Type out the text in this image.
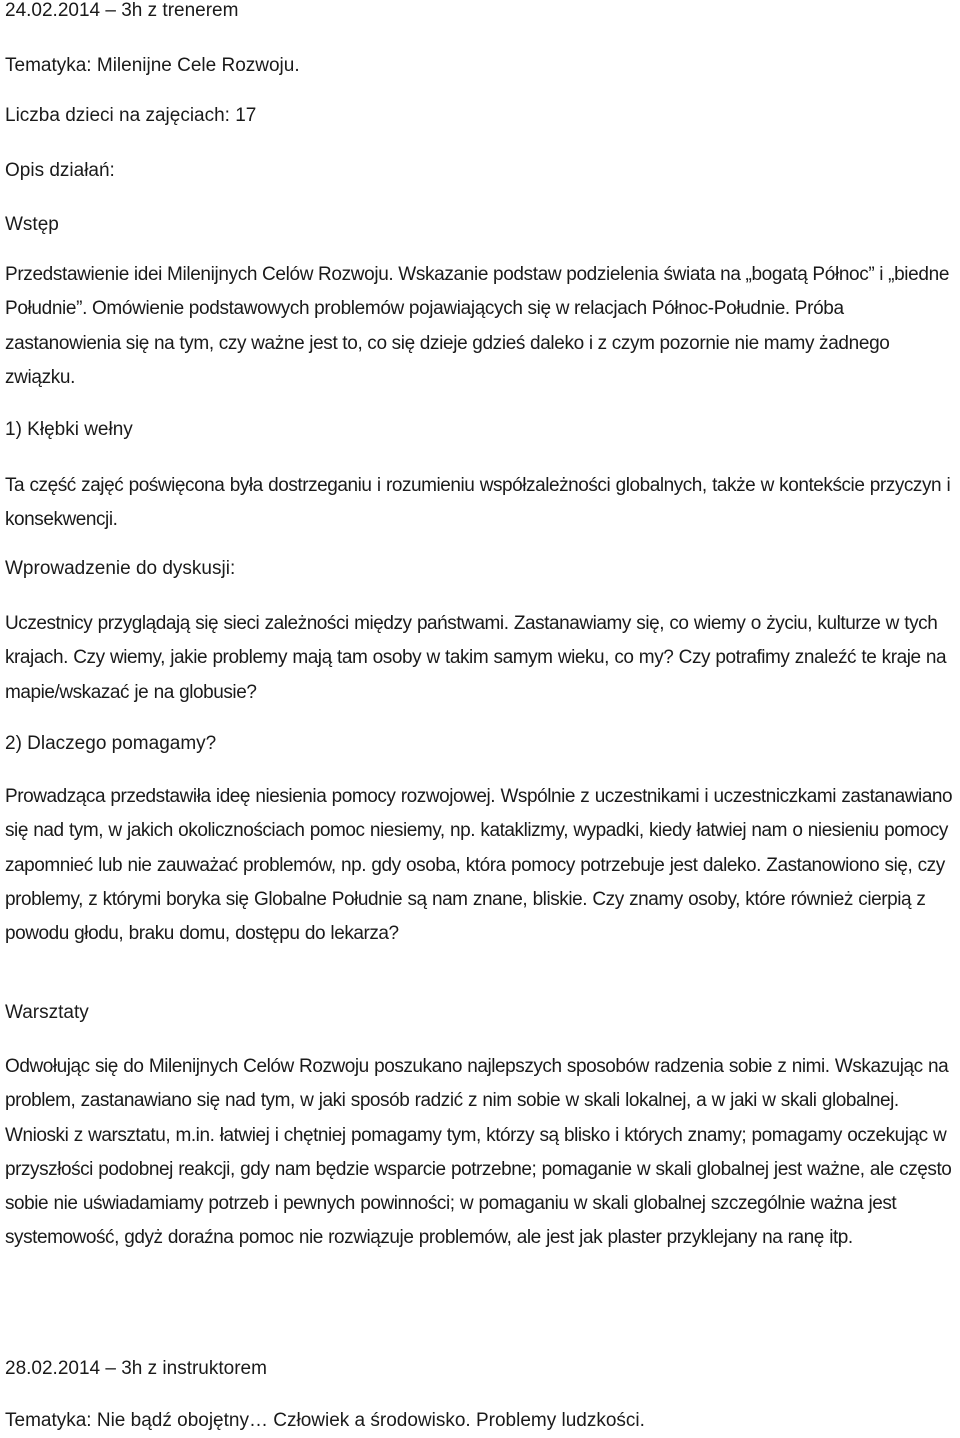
24.02.2014 – 3h z trenerem
Tematyka: Milenijne Cele Rozwoju.
Liczba dzieci na zajęciach: 17
Opis działań:
Wstęp
Przedstawienie idei Milenijnych Celów Rozwoju. Wskazanie podstaw podzielenia świata na „bogatą Północ” i „biedne Południe”. Omówienie podstawowych problemów pojawiających się w relacjach Północ-Południe. Próba zastanowienia się na tym, czy ważne jest to, co się dzieje gdzieś daleko i z czym pozornie nie mamy żadnego związku.
1) Kłębki wełny
Ta część zajęć poświęcona była dostrzeganiu i rozumieniu współzależności globalnych, także w kontekście przyczyn i konsekwencji.
Wprowadzenie do dyskusji:
Uczestnicy przyglądają się sieci zależności między państwami. Zastanawiamy się, co wiemy o życiu, kulturze w tych krajach. Czy wiemy, jakie problemy mają tam osoby w takim samym wieku, co my? Czy potrafimy znaleźć te kraje na mapie/wskazać je na globusie?
2) Dlaczego pomagamy?
Prowadząca przedstawiła ideę niesienia pomocy rozwojowej. Wspólnie z uczestnikami i uczestniczkami zastanawiano się nad tym, w jakich okolicznościach pomoc niesiemy, np. kataklizmy, wypadki, kiedy łatwiej nam o niesieniu pomocy zapomnieć lub nie zauważać problemów, np. gdy osoba, która pomocy potrzebuje jest daleko. Zastanowiono się, czy problemy, z którymi boryka się Globalne Południe są nam znane, bliskie. Czy znamy osoby, które również cierpią z powodu głodu, braku domu, dostępu do lekarza?
Warsztaty
Odwołując się do Milenijnych Celów Rozwoju poszukano najlepszych sposobów radzenia sobie z nimi. Wskazując na problem, zastanawiano się nad tym, w jaki sposób radzić z nim sobie w skali lokalnej, a w jaki w skali globalnej. Wnioski z warsztatu, m.in. łatwiej i chętniej pomagamy tym, którzy są blisko i których znamy; pomagamy oczekując w przyszłości podobnej reakcji, gdy nam będzie wsparcie potrzebne; pomaganie w skali globalnej jest ważne, ale często sobie nie uświadamiamy potrzeb i pewnych powinności; w pomaganiu w skali globalnej szczególnie ważna jest systemowość, gdyż doraźna pomoc nie rozwiązuje problemów, ale jest jak plaster przyklejany na ranę itp.
28.02.2014 – 3h z instruktorem
Tematyka: Nie bądź obojętny… Człowiek a środowisko. Problemy ludzkości.
